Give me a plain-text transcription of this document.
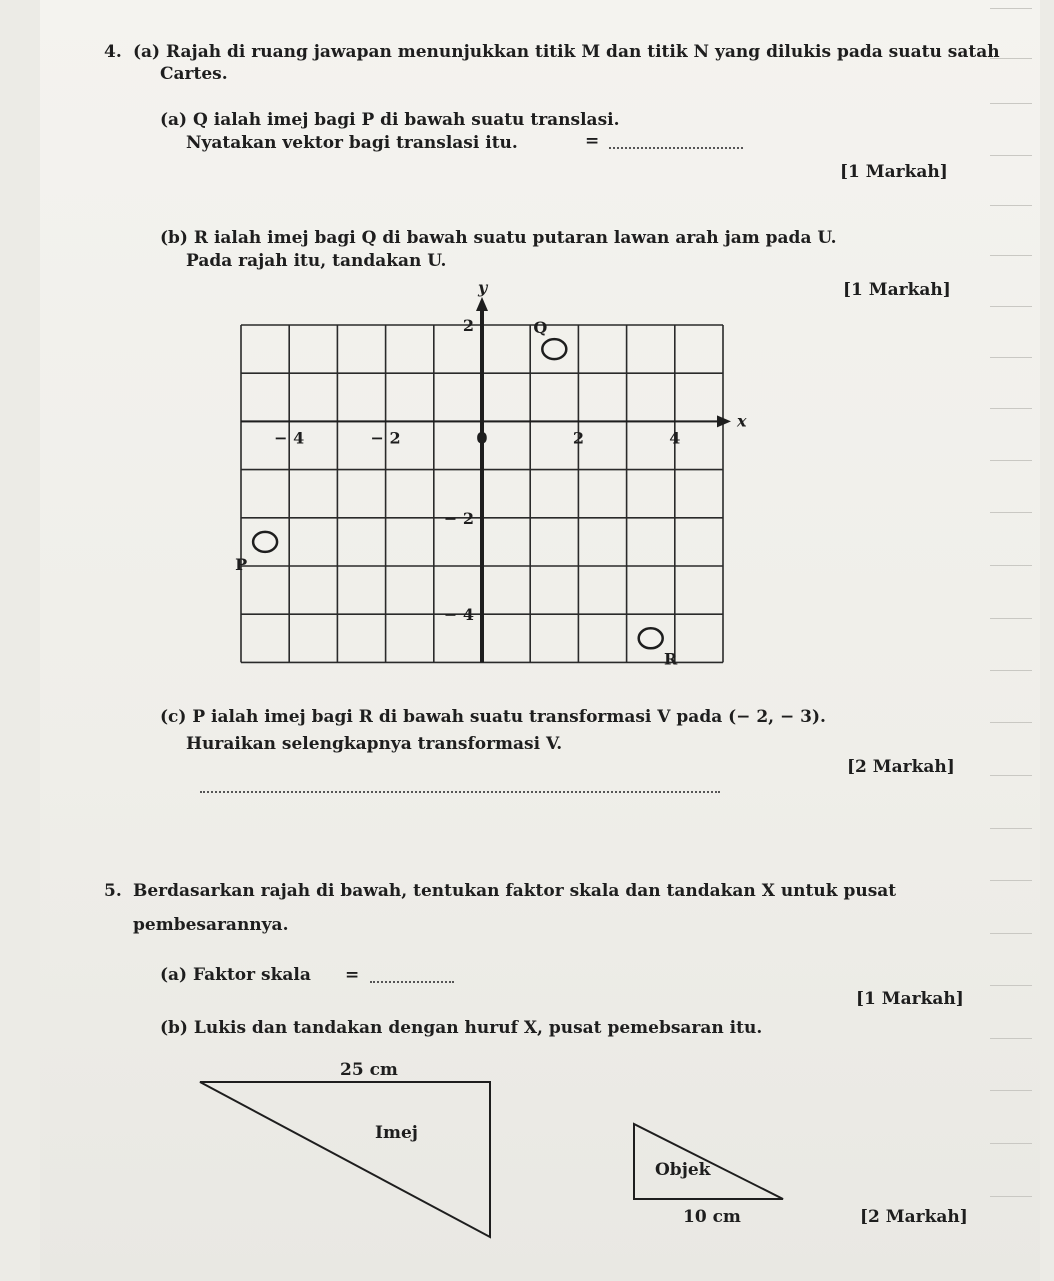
4. (a) Rajah di ruang jawapan menunjukkan titik M dan titik N yang dilukis pada suatu satah
Cartes.
(a) Q ialah imej bagi P di bawah suatu translasi.
Nyatakan vektor bagi translasi itu.	=
[1 Markah]
(b) R ialah imej bagi Q di bawah suatu putaran lawan arah jam pada U.
Pada rajah itu, tandakan U.
[1 Markah]
y
x
− 4	− 2	0	2	4
2
− 2
− 4
Q
P
R
(c) P ialah imej bagi R di bawah suatu transformasi V pada (− 2, − 3).
Huraikan selengkapnya transformasi V.
[2 Markah]
5. Berdasarkan rajah di bawah, tentukan faktor skala dan tandakan X untuk pusat
pembesarannya.
(a) Faktor skala =
[1 Markah]
(b) Lukis dan tandakan dengan huruf X, pusat pemebsaran itu.
25 cm
Imej
Objek
10 cm	[2 Markah]
